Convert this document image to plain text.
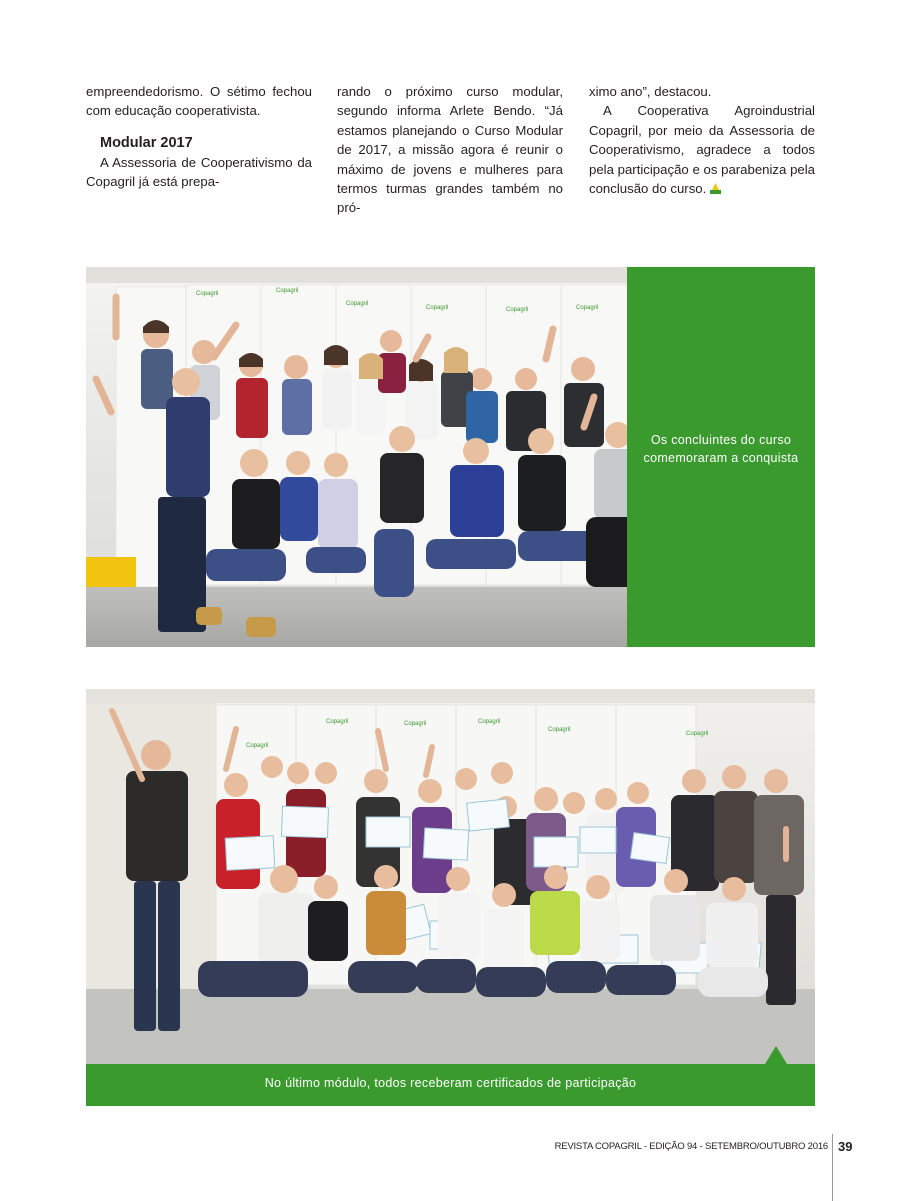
empreendedorismo. O sétimo fechou com educação cooperativista.

Modular 2017

A Assessoria de Cooperativismo da Copagril já está prepa-

rando o próximo curso modular, segundo informa Arlete Bendo. “Já estamos planejando o Curso Modular de 2017, a missão agora é reunir o máximo de jovens e mulheres para termos turmas grandes também no pró-

ximo ano”, destacou.

A Cooperativa Agroindustrial Copagril, por meio da Assessoria de Cooperativismo, agradece a todos pela participação e os parabeniza pela conclusão do curso.

Copagril	Copagril
Copagril
Copagril	Copagril	Copagril
Os concluintes do curso comemoraram a conquista
Copagril
Copagril	Copagril	Copagril
Copagril
Copagril
No último módulo, todos receberam certificados de participação
REVISTA COPAGRIL - EDIÇÃO 94 - SETEMBRO/OUTUBRO 2016 39
